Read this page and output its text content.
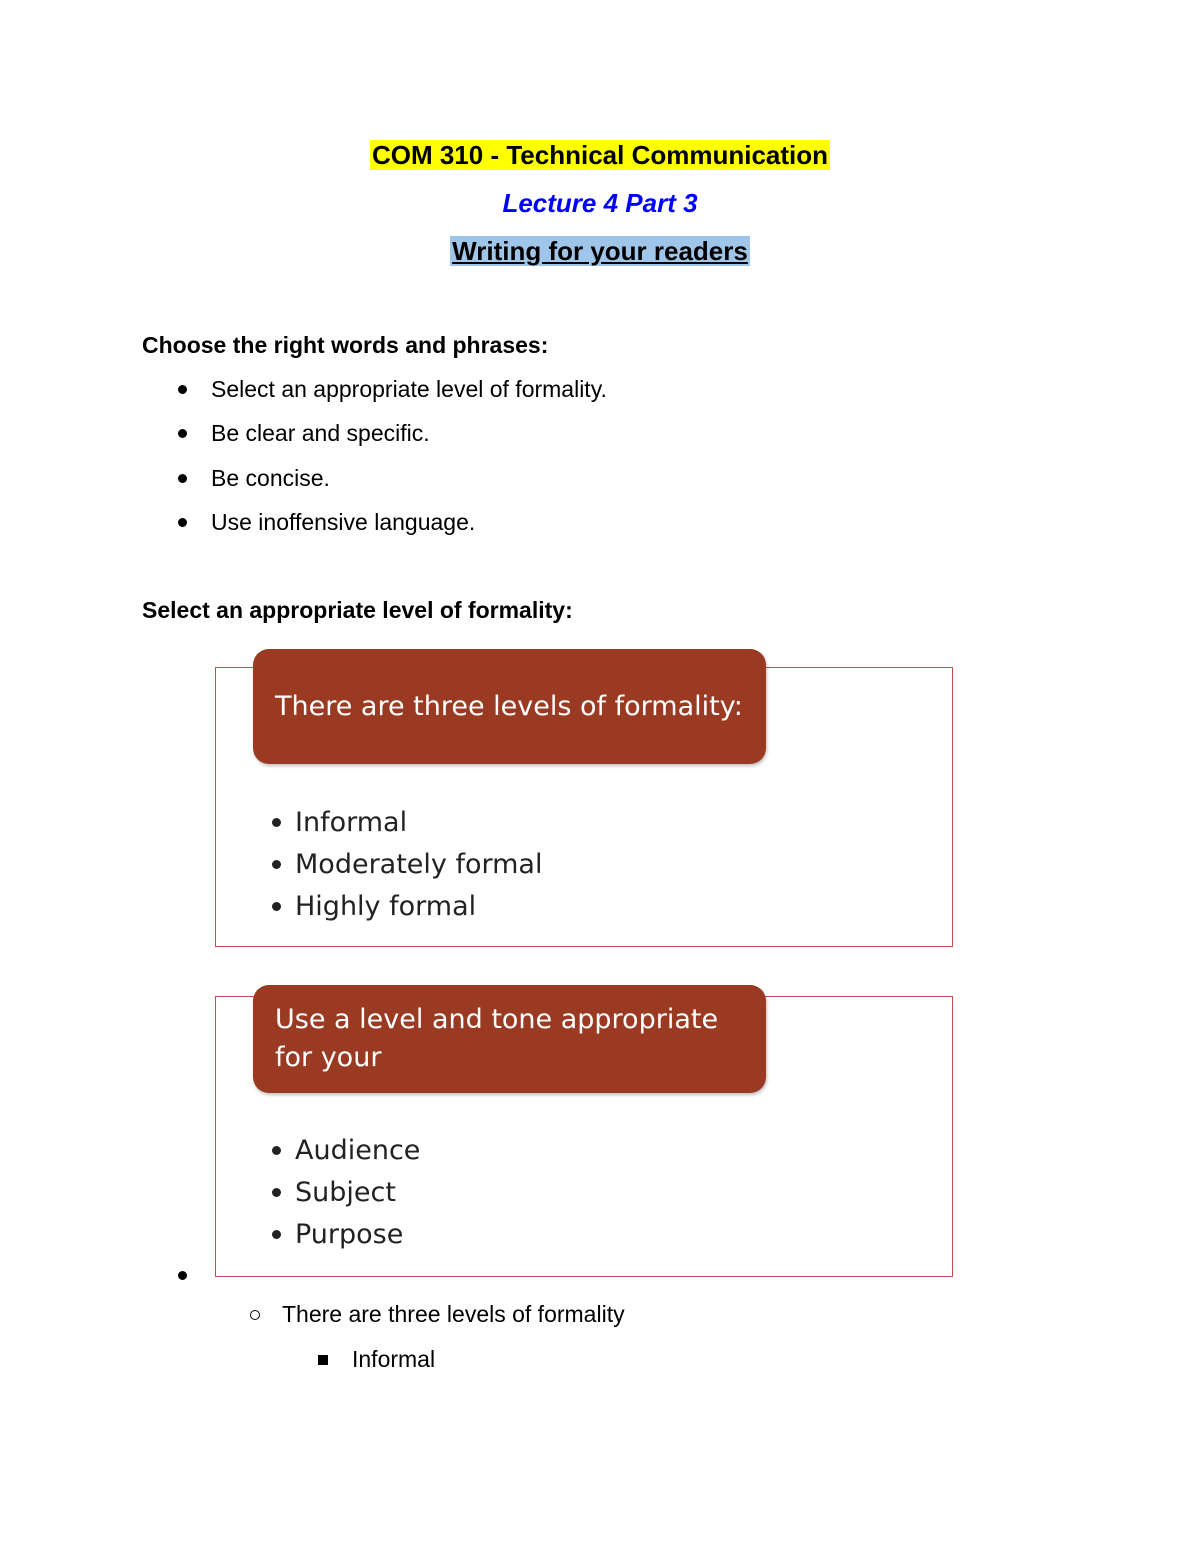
COM 310 - Technical Communication
Lecture 4 Part 3
Writing for your readers
Choose the right words and phrases:
Select an appropriate level of formality.
Be clear and specific.
Be concise.
Use inoffensive language.
Select an appropriate level of formality:
There are three levels of formality:
Informal
Moderately formal
Highly formal
Use a level and tone appropriate
for your
Audience
Subject
Purpose
There are three levels of formality
Informal
